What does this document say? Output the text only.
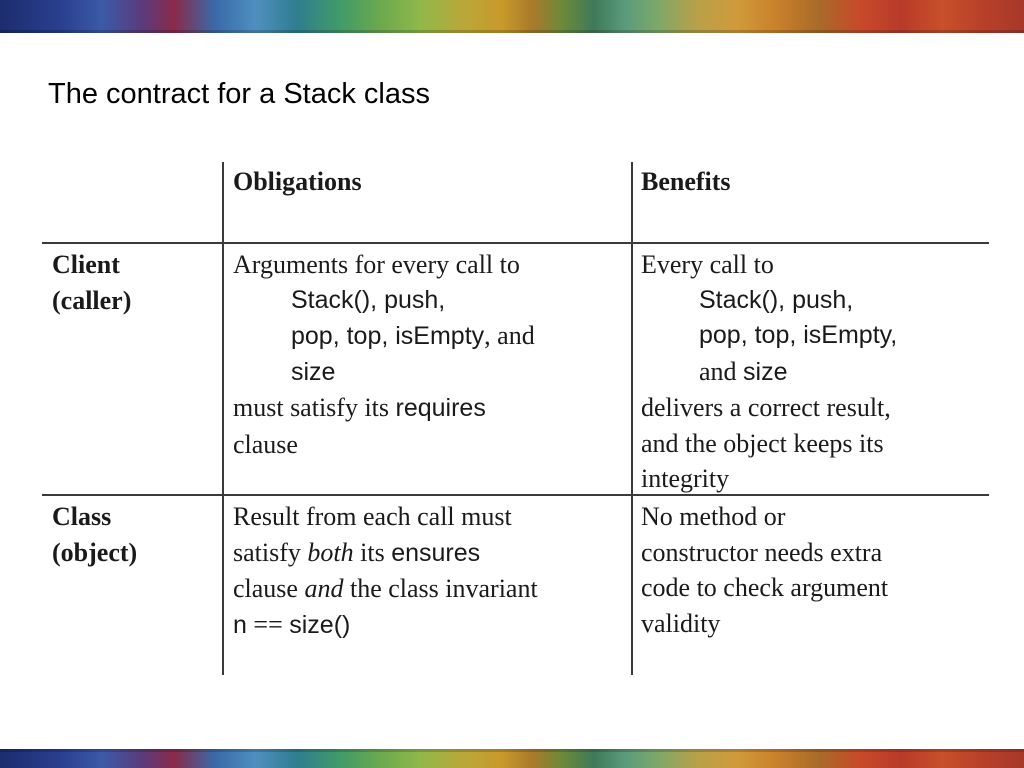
The contract for a Stack class
Obligations	Benefits
Client
(caller)
Arguments for every call to
Stack(), push,
pop, top, isEmpty, and
size
must satisfy its requires
clause
Every call to
Stack(), push,
pop, top, isEmpty,
and size
delivers a correct result,
and the object keeps its
integrity
Class
(object)
Result from each call must
satisfy both its ensures
clause and the class invariant
n == size()
No method or
constructor needs extra
code to check argument
validity
